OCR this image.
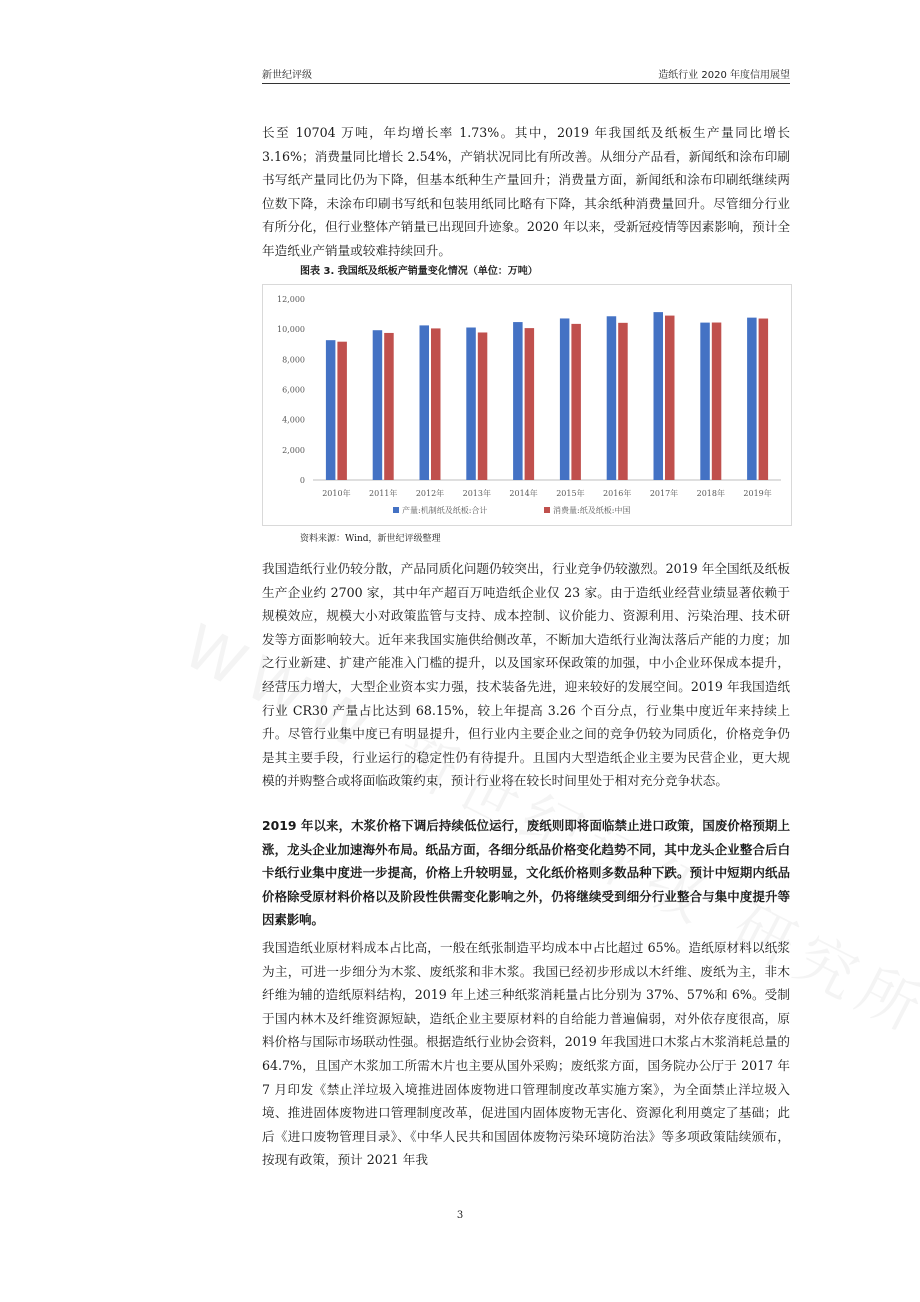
新世纪评级	造纸行业 2020 年度信用展望

长至 10704 万吨，年均增长率 1.73%。其中，2019 年我国纸及纸板生产量同比增长 3.16%；消费量同比增长 2.54%，产销状况同比有所改善。从细分产品看，新闻纸和涂布印刷书写纸产量同比仍为下降，但基本纸种生产量回升；消费量方面，新闻纸和涂布印刷纸继续两位数下降，未涂布印刷书写纸和包装用纸同比略有下降，其余纸种消费量回升。尽管细分行业有所分化，但行业整体产销量已出现回升迹象。2020 年以来，受新冠疫情等因素影响，预计全年造纸业产销量或较难持续回升。

图表 3. 我国纸及纸板产销量变化情况（单位：万吨）
0
2,000
4,000
6,000
8,000
10,000
12,000
2010年 2011年 2012年 2013年 2014年 2015年 2016年 2017年 2018年 2019年
产量:机制纸及纸板:合计	消费量:纸及纸板:中国
资料来源：Wind，新世纪评级整理

我国造纸行业仍较分散，产品同质化问题仍较突出，行业竞争仍较激烈。2019 年全国纸及纸板生产企业约 2700 家，其中年产超百万吨造纸企业仅 23 家。由于造纸业经营业绩显著依赖于规模效应，规模大小对政策监管与支持、成本控制、议价能力、资源利用、污染治理、技术研发等方面影响较大。近年来我国实施供给侧改革，不断加大造纸行业淘汰落后产能的力度；加之行业新建、扩建产能准入门槛的提升，以及国家环保政策的加强，中小企业环保成本提升，经营压力增大，大型企业资本实力强，技术装备先进，迎来较好的发展空间。2019 年我国造纸行业 CR30 产量占比达到 68.15%，较上年提高 3.26 个百分点，行业集中度近年来持续上升。尽管行业集中度已有明显提升，但行业内主要企业之间的竞争仍较为同质化，价格竞争仍是其主要手段，行业运行的稳定性仍有待提升。且国内大型造纸企业主要为民营企业，更大规模的并购整合或将面临政策约束，预计行业将在较长时间里处于相对充分竞争状态。

2019 年以来，木浆价格下调后持续低位运行，废纸则即将面临禁止进口政策，国废价格预期上涨，龙头企业加速海外布局。纸品方面，各细分纸品价格变化趋势不同，其中龙头企业整合后白卡纸行业集中度进一步提高，价格上升较明显，文化纸价格则多数品种下跌。预计中短期内纸品价格除受原材料价格以及阶段性供需变化影响之外，仍将继续受到细分行业整合与集中度提升等因素影响。

我国造纸业原材料成本占比高，一般在纸张制造平均成本中占比超过 65%。造纸原材料以纸浆为主，可进一步细分为木浆、废纸浆和非木浆。我国已经初步形成以木纤维、废纸为主，非木纤维为辅的造纸原料结构，2019 年上述三种纸浆消耗量占比分别为 37%、57%和 6%。受制于国内林木及纤维资源短缺，造纸企业主要原材料的自给能力普遍偏弱，对外依存度很高，原料价格与国际市场联动性强。根据造纸行业协会资料，2019 年我国进口木浆占木浆消耗总量的 64.7%，且国产木浆加工所需木片也主要从国外采购；废纸浆方面，国务院办公厅于 2017 年 7 月印发《禁止洋垃圾入境推进固体废物进口管理制度改革实施方案》，为全面禁止洋垃圾入境、推进固体废物进口管理制度改革，促进国内固体废物无害化、资源化利用奠定了基础；此后《进口废物管理目录》、《中华人民共和国固体废物污染环境防治法》等多项政策陆续颁布，按现有政策，预计 2021 年我

3
